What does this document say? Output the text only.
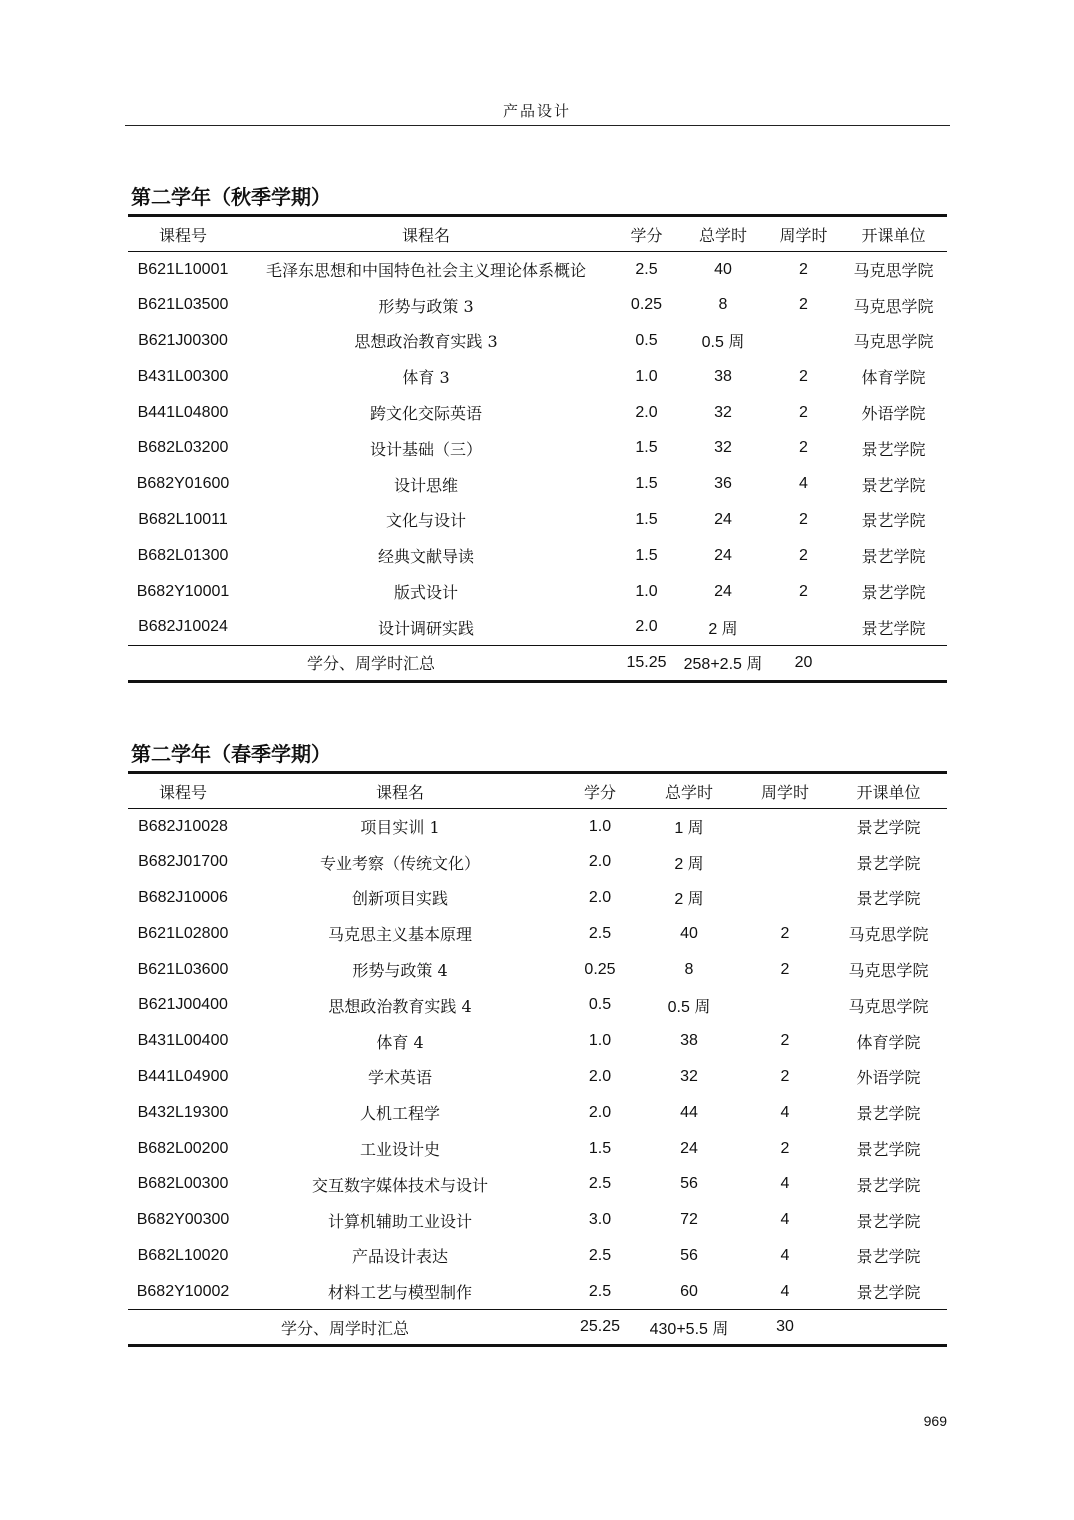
产品设计
第二学年（秋季学期）
课程号	课程名	学分	总学时	周学时	开课单位
B621L10001	毛泽东思想和中国特色社会主义理论体系概论	2.5	40	2	马克思学院
B621L03500	形势与政策 3	0.25	8	2	马克思学院
B621J00300	思想政治教育实践 3	0.5	0.5 周		马克思学院
B431L00300	体育 3	1.0	38	2	体育学院
B441L04800	跨文化交际英语	2.0	32	2	外语学院
B682L03200	设计基础（三）	1.5	32	2	景艺学院
B682Y01600	设计思维	1.5	36	4	景艺学院
B682L10011	文化与设计	1.5	24	2	景艺学院
B682L01300	经典文献导读	1.5	24	2	景艺学院
B682Y10001	版式设计	1.0	24	2	景艺学院
B682J10024	设计调研实践	2.0	2 周		景艺学院
学分、周学时汇总		15.25	258+2.5 周	20	
第二学年（春季学期）
课程号	课程名	学分	总学时	周学时	开课单位
B682J10028	项目实训 1	1.0	1 周		景艺学院
B682J01700	专业考察（传统文化）	2.0	2 周		景艺学院
B682J10006	创新项目实践	2.0	2 周		景艺学院
B621L02800	马克思主义基本原理	2.5	40	2	马克思学院
B621L03600	形势与政策 4	0.25	8	2	马克思学院
B621J00400	思想政治教育实践 4	0.5	0.5 周		马克思学院
B431L00400	体育 4	1.0	38	2	体育学院
B441L04900	学术英语	2.0	32	2	外语学院
B432L19300	人机工程学	2.0	44	4	景艺学院
B682L00200	工业设计史	1.5	24	2	景艺学院
B682L00300	交互数字媒体技术与设计	2.5	56	4	景艺学院
B682Y00300	计算机辅助工业设计	3.0	72	4	景艺学院
B682L10020	产品设计表达	2.5	56	4	景艺学院
B682Y10002	材料工艺与模型制作	2.5	60	4	景艺学院
学分、周学时汇总		25.25	430+5.5 周	30	
969
